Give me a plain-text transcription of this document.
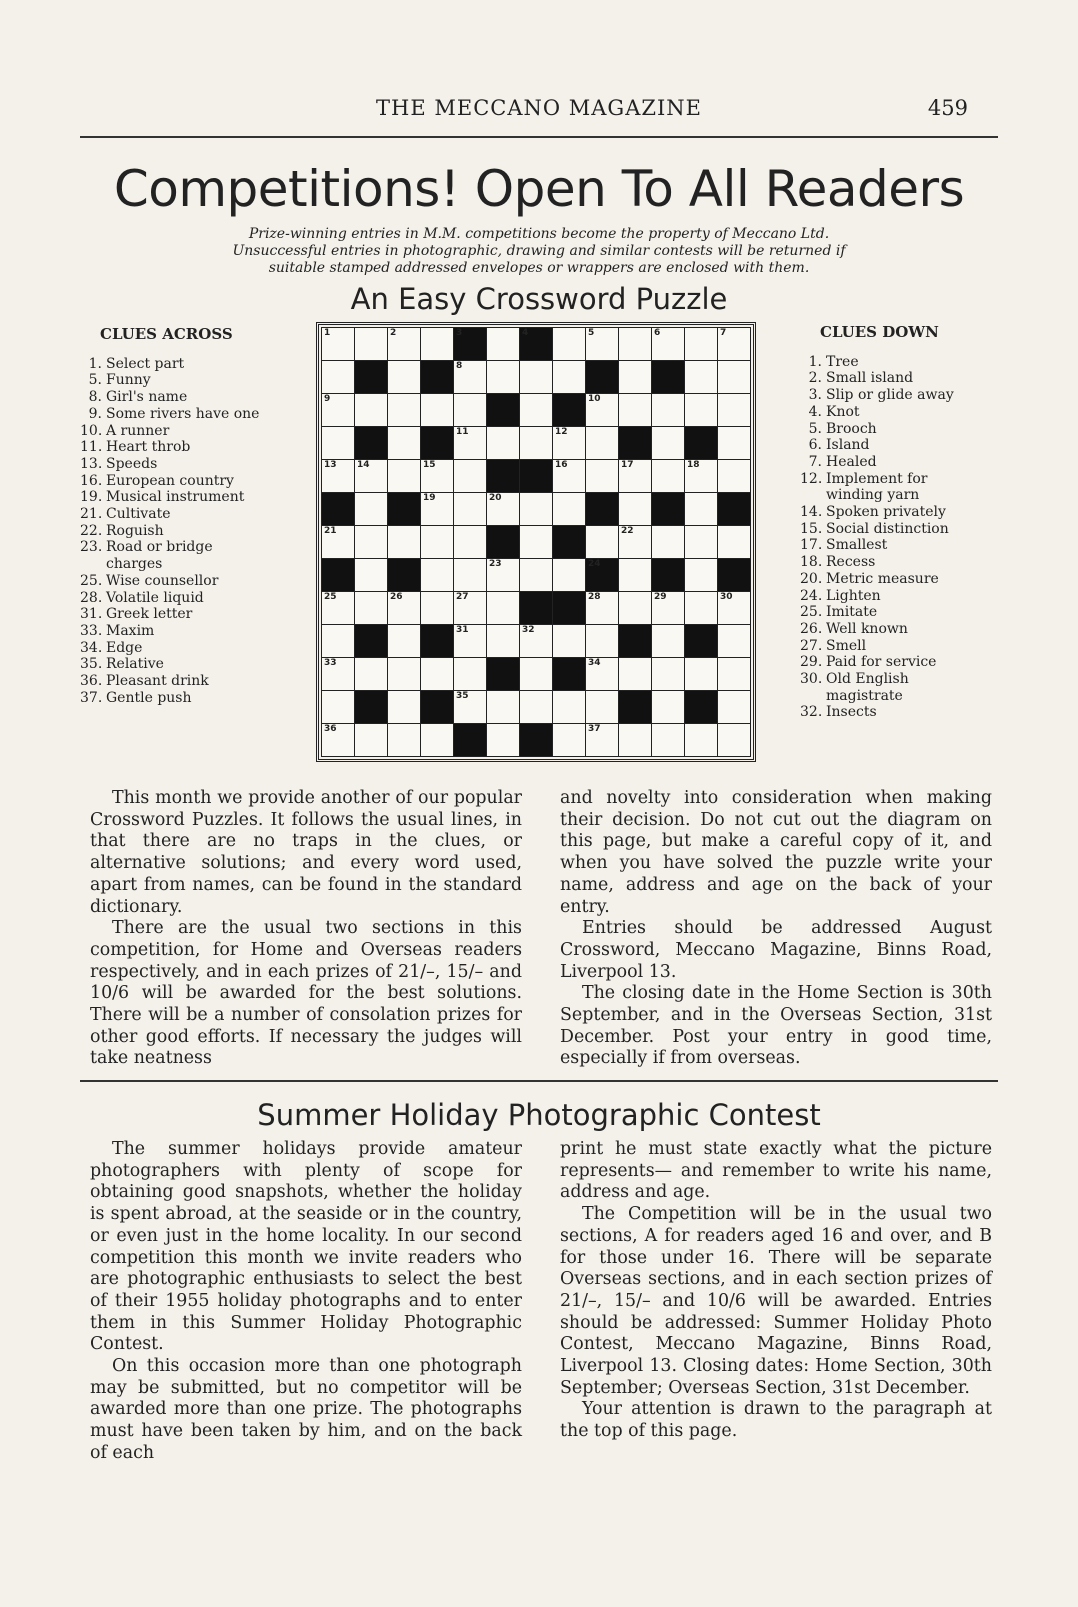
THE MECCANO MAGAZINE	459
Competitions! Open To All Readers
Prize-winning entries in M.M. competitions become the property of Meccano Ltd.
Unsuccessful entries in photographic, drawing and similar contests will be returned if
suitable stamped addressed envelopes or wrappers are enclosed with them.
An Easy Crossword Puzzle
CLUES ACROSS
1. Select part
5. Funny
8. Girl's name
9. Some rivers have one
10. A runner
11. Heart throb
13. Speeds
16. European country
19. Musical instrument
21. Cultivate
22. Roguish
23. Road or bridge
charges
25. Wise counsellor
28. Volatile liquid
31. Greek letter
33. Maxim
34. Edge
35. Relative
36. Pleasant drink
37. Gentle push
1	2	3	4	5	6	7
8
9	10
11	12
13 14	15	16	17	18
19	20
21	22
23	24
25	26	27	28	29	30
31	32
33	34
35
36	37
CLUES DOWN
1. Tree
2. Small island
3. Slip or glide away
4. Knot
5. Brooch
6. Island
7. Healed
12. Implement for
winding yarn
14. Spoken privately
15. Social distinction
17. Smallest
18. Recess
20. Metric measure
24. Lighten
25. Imitate
26. Well known
27. Smell
29. Paid for service
30. Old English
magistrate
32. Insects

This month we provide another of our popular Crossword Puzzles. It follows the usual lines, in that there are no traps in the clues, or alternative solutions; and every word used, apart from names, can be found in the standard dictionary.

There are the usual two sections in this competition, for Home and Overseas readers respectively, and in each prizes of 21/–, 15/– and 10/6 will be awarded for the best solutions. There will be a number of consolation prizes for other good efforts. If necessary the judges will take neatness

and novelty into consideration when making their decision. Do not cut out the diagram on this page, but make a careful copy of it, and when you have solved the puzzle write your name, address and age on the back of your entry.

Entries should be addressed August Crossword, Meccano Magazine, Binns Road, Liverpool 13.

The closing date in the Home Section is 30th September, and in the Overseas Section, 31st December. Post your entry in good time, especially if from overseas.

Summer Holiday Photographic Contest

The summer holidays provide amateur photographers with plenty of scope for obtaining good snapshots, whether the holiday is spent abroad, at the seaside or in the country, or even just in the home locality. In our second competition this month we invite readers who are photographic enthusiasts to select the best of their 1955 holiday photographs and to enter them in this Summer Holiday Photographic Contest.

On this occasion more than one photograph may be submitted, but no competitor will be awarded more than one prize. The photographs must have been taken by him, and on the back of each

print he must state exactly what the picture represents— and remember to write his name, address and age.

The Competition will be in the usual two sections, A for readers aged 16 and over, and B for those under 16. There will be separate Overseas sections, and in each section prizes of 21/–, 15/– and 10/6 will be awarded. Entries should be addressed: Summer Holiday Photo Contest, Meccano Magazine, Binns Road, Liverpool 13. Closing dates: Home Section, 30th September; Overseas Section, 31st December.

Your attention is drawn to the paragraph at the top of this page.
